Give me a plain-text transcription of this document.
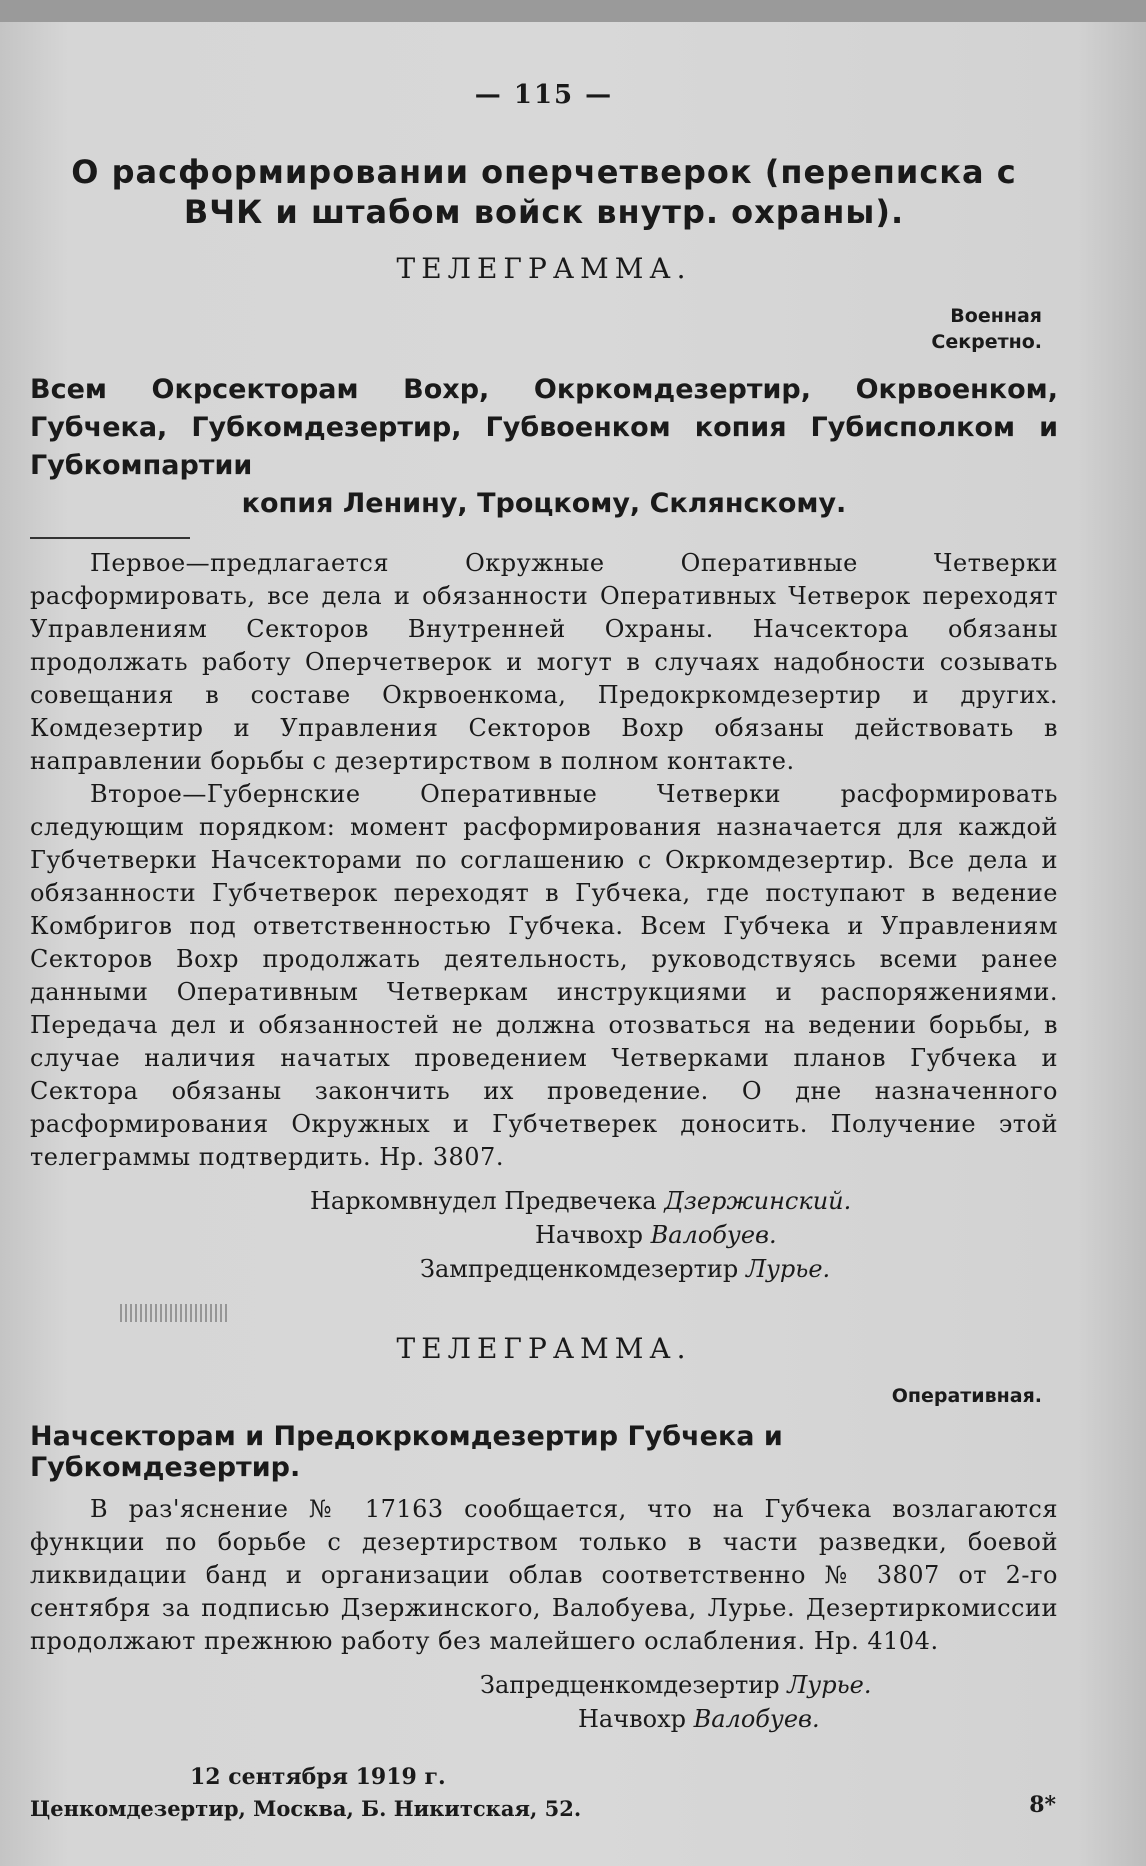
— 115 —
О расформировании оперчетверок (переписка с ВЧК и штабом войск внутр. охраны).
ТЕЛЕГРАММА.
Военная
Секретно.
Всем Окрсекторам Вохр, Окркомдезертир, Окрвоенком, Губчека, Губкомдезертир, Губвоенком копия Губисполком и Губкомпартии
копия Ленину, Троцкому, Склянскому.

Первое—предлагается Окружные Оперативные Четверки расформировать, все дела и обязанности Оперативных Четверок переходят Управлениям Секторов Внутренней Охраны. Начсектора обязаны продолжать работу Оперчетверок и могут в случаях надобности созывать совещания в составе Окрвоенкома, Предокркомдезертир и других. Комдезертир и Управления Секторов Вохр обязаны действовать в направлении борьбы с дезертирством в полном контакте.

Второе—Губернские Оперативные Четверки расформировать следующим порядком: момент расформирования назначается для каждой Губчетверки Начсекторами по соглашению с Окркомдезертир. Все дела и обязанности Губчетверок переходят в Губчека, где поступают в ведение Комбригов под ответственностью Губчека. Всем Губчека и Управлениям Секторов Вохр продолжать деятельность, руководствуясь всеми ранее данными Оперативным Четверкам инструкциями и распоряжениями. Передача дел и обязанностей не должна отозваться на ведении борьбы, в случае наличия начатых проведением Четверками планов Губчека и Сектора обязаны закончить их проведение. О дне назначенного расформирования Окружных и Губчетверек доносить. Получение этой телеграммы подтвердить. Нр. 3807.

Наркомвнудел Предвечека Дзержинский.
Начвохр Валобуев.
Зампредценкомдезертир Лурье.
ТЕЛЕГРАММА.
Оперативная.
Начсекторам и Предокркомдезертир Губчека и Губкомдезертир.

В раз'яснение № 17163 сообщается, что на Губчека возлагаются функции по борьбе с дезертирством только в части разведки, боевой ликвидации банд и организации облав соответственно № 3807 от 2-го сентября за подписью Дзержинского, Валобуева, Лурье. Дезертиркомиссии продолжают прежнюю работу без малейшего ослабления. Нр. 4104.

Запредценкомдезертир Лурье.
Начвохр Валобуев.
12 сентября 1919 г.
Ценкомдезертир, Москва, Б. Никитская, 52.	8*
